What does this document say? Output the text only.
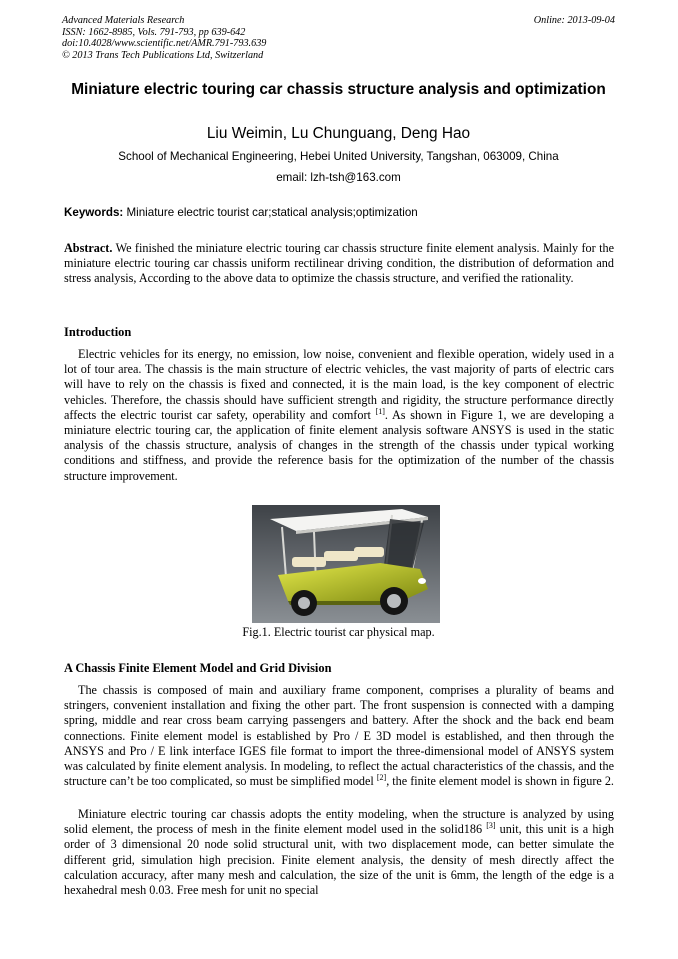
Advanced Materials Research
ISSN: 1662-8985, Vols. 791-793, pp 639-642
doi:10.4028/www.scientific.net/AMR.791-793.639
© 2013 Trans Tech Publications Ltd, Switzerland
Online: 2013-09-04
Miniature electric touring car chassis structure analysis and optimization
Liu Weimin, Lu Chunguang, Deng Hao
School of Mechanical Engineering, Hebei United University, Tangshan, 063009, China
email: lzh-tsh@163.com
Keywords: Miniature electric tourist car;statical analysis;optimization
Abstract. We finished the miniature electric touring car chassis structure finite element analysis. Mainly for the miniature electric touring car chassis uniform rectilinear driving condition, the distribution of deformation and stress analysis, According to the above data to optimize the chassis structure, and verified the rationality.
Introduction
Electric vehicles for its energy, no emission, low noise, convenient and flexible operation, widely used in a lot of tour area. The chassis is the main structure of electric vehicles, the vast majority of parts of electric cars will have to rely on the chassis is fixed and connected, it is the main load, is the key component of electric vehicles. Therefore, the chassis should have sufficient strength and rigidity, the structure performance directly affects the electric tourist car safety, operability and comfort [1]. As shown in Figure 1, we are developing a miniature electric touring car, the application of finite element analysis software ANSYS is used in the static analysis of the chassis structure, analysis of changes in the strength of the chassis under typical working conditions and stiffness, and provide the reference basis for the optimization of the number of the chassis structure improvement.
Fig.1. Electric tourist car physical map.
A Chassis Finite Element Model and Grid Division
The chassis is composed of main and auxiliary frame component, comprises a plurality of beams and stringers, convenient installation and fixing the other part. The front suspension is connected with a damping spring, middle and rear cross beam carrying passengers and battery. After the shock and the back end beam connections. Finite element model is established by Pro / E 3D model is established, and then through the ANSYS and Pro / E link interface IGES file format to import the three-dimensional model of ANSYS system was calculated by finite element analysis. In modeling, to reflect the actual characteristics of the chassis, and the structure can’t be too complicated, so must be simplified model [2], the finite element model is shown in figure 2.
Miniature electric touring car chassis adopts the entity modeling, when the structure is analyzed by using solid element, the process of mesh in the finite element model used in the solid186 [3] unit, this unit is a high order of 3 dimensional 20 node solid structural unit, with two displacement mode, can better simulate the different grid, simulation high precision. Finite element analysis, the density of mesh directly affect the calculation accuracy, after many mesh and calculation, the size of the unit is 6mm, the length of the edge is a hexahedral mesh 0.03. Free mesh for unit no special
